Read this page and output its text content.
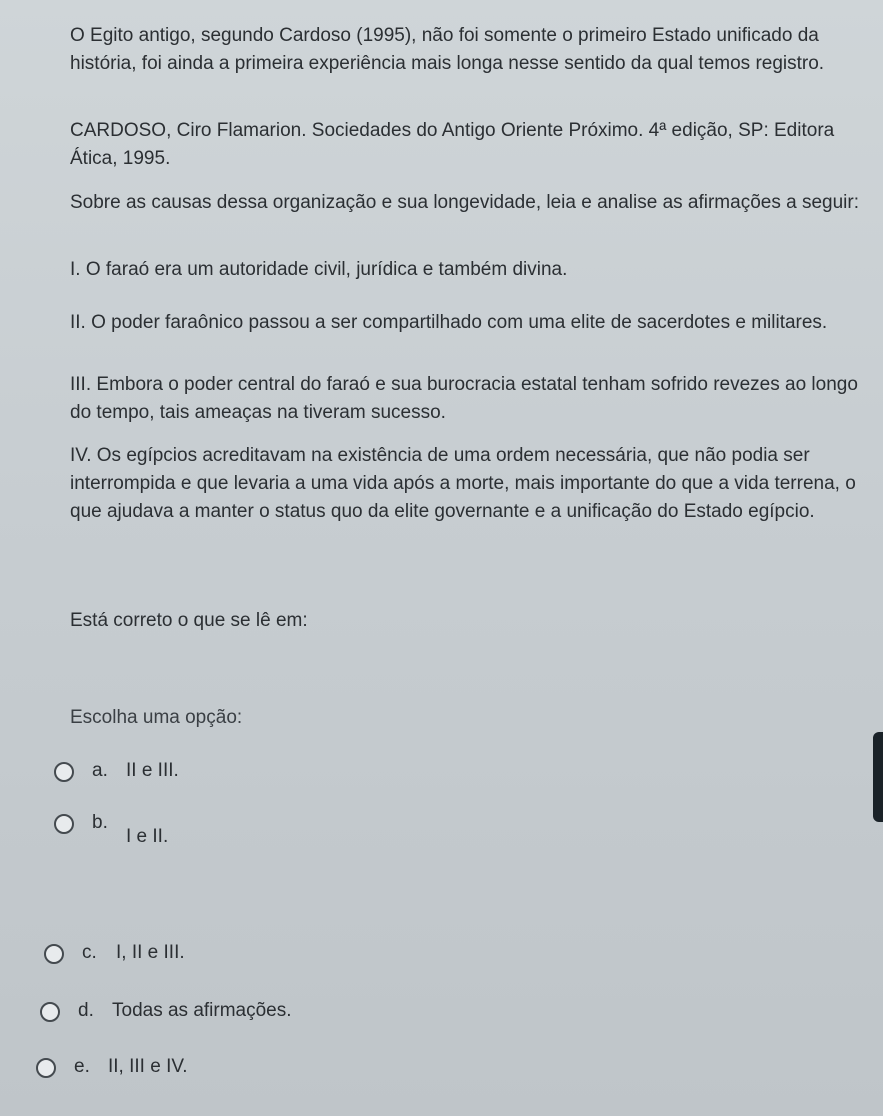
O Egito antigo, segundo Cardoso (1995), não foi somente o primeiro Estado unificado da história, foi ainda a primeira experiência mais longa nesse sentido da qual temos registro.

CARDOSO, Ciro Flamarion. Sociedades do Antigo Oriente Próximo. 4ª edição, SP: Editora Ática, 1995.

Sobre as causas dessa organização e sua longevidade, leia e analise as afirmações a seguir:

I. O faraó era um autoridade civil, jurídica e também divina.

II. O poder faraônico passou a ser compartilhado com uma elite de sacerdotes e militares.

III. Embora o poder central do faraó e sua burocracia estatal tenham sofrido revezes ao longo do tempo, tais ameaças na tiveram sucesso.

IV. Os egípcios acreditavam na existência de uma ordem necessária, que não podia ser interrompida e que levaria a uma vida após a morte, mais importante do que a vida terrena, o que ajudava a manter o status quo da elite governante e a unificação do Estado egípcio.

Está correto o que se lê em:

Escolha uma opção:
a. II e III.
b.
I e II.
c.	I, II e III.
d. Todas as afirmações.
e. II, III e IV.
